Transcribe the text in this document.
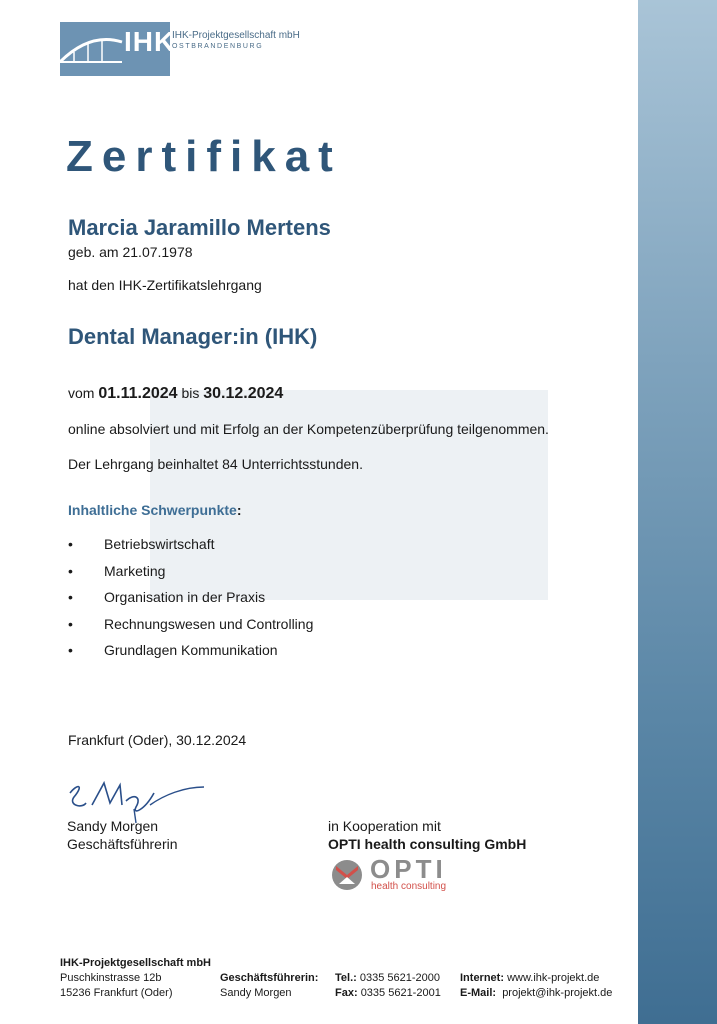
IHK
IHK-Projektgesellschaft mbH
OSTBRANDENBURG
Zertifikat
Marcia Jaramillo Mertens
geb. am 21.07.1978
hat den IHK-Zertifikatslehrgang
Dental Manager:in (IHK)
vom 01.11.2024 bis 30.12.2024
online absolviert und mit Erfolg an der Kompetenzüberprüfung teilgenommen.
Der Lehrgang beinhaltet 84 Unterrichtsstunden.
Inhaltliche Schwerpunkte:
• Betriebswirtschaft
• Marketing
• Organisation in der Praxis
• Rechnungswesen und Controlling
• Grundlagen Kommunikation
Frankfurt (Oder), 30.12.2024
Sandy Morgen
Geschäftsführerin
in Kooperation mit
OPTI health consulting GmbH
OPTI
health consulting
IHK-Projektgesellschaft mbH
Puschkinstrasse 12b
15236 Frankfurt (Oder)
Geschäftsführerin:
Sandy Morgen
Tel.: 0335 5621-2000
Fax: 0335 5621-2001
Internet: www.ihk-projekt.de
E-Mail: projekt@ihk-projekt.de
